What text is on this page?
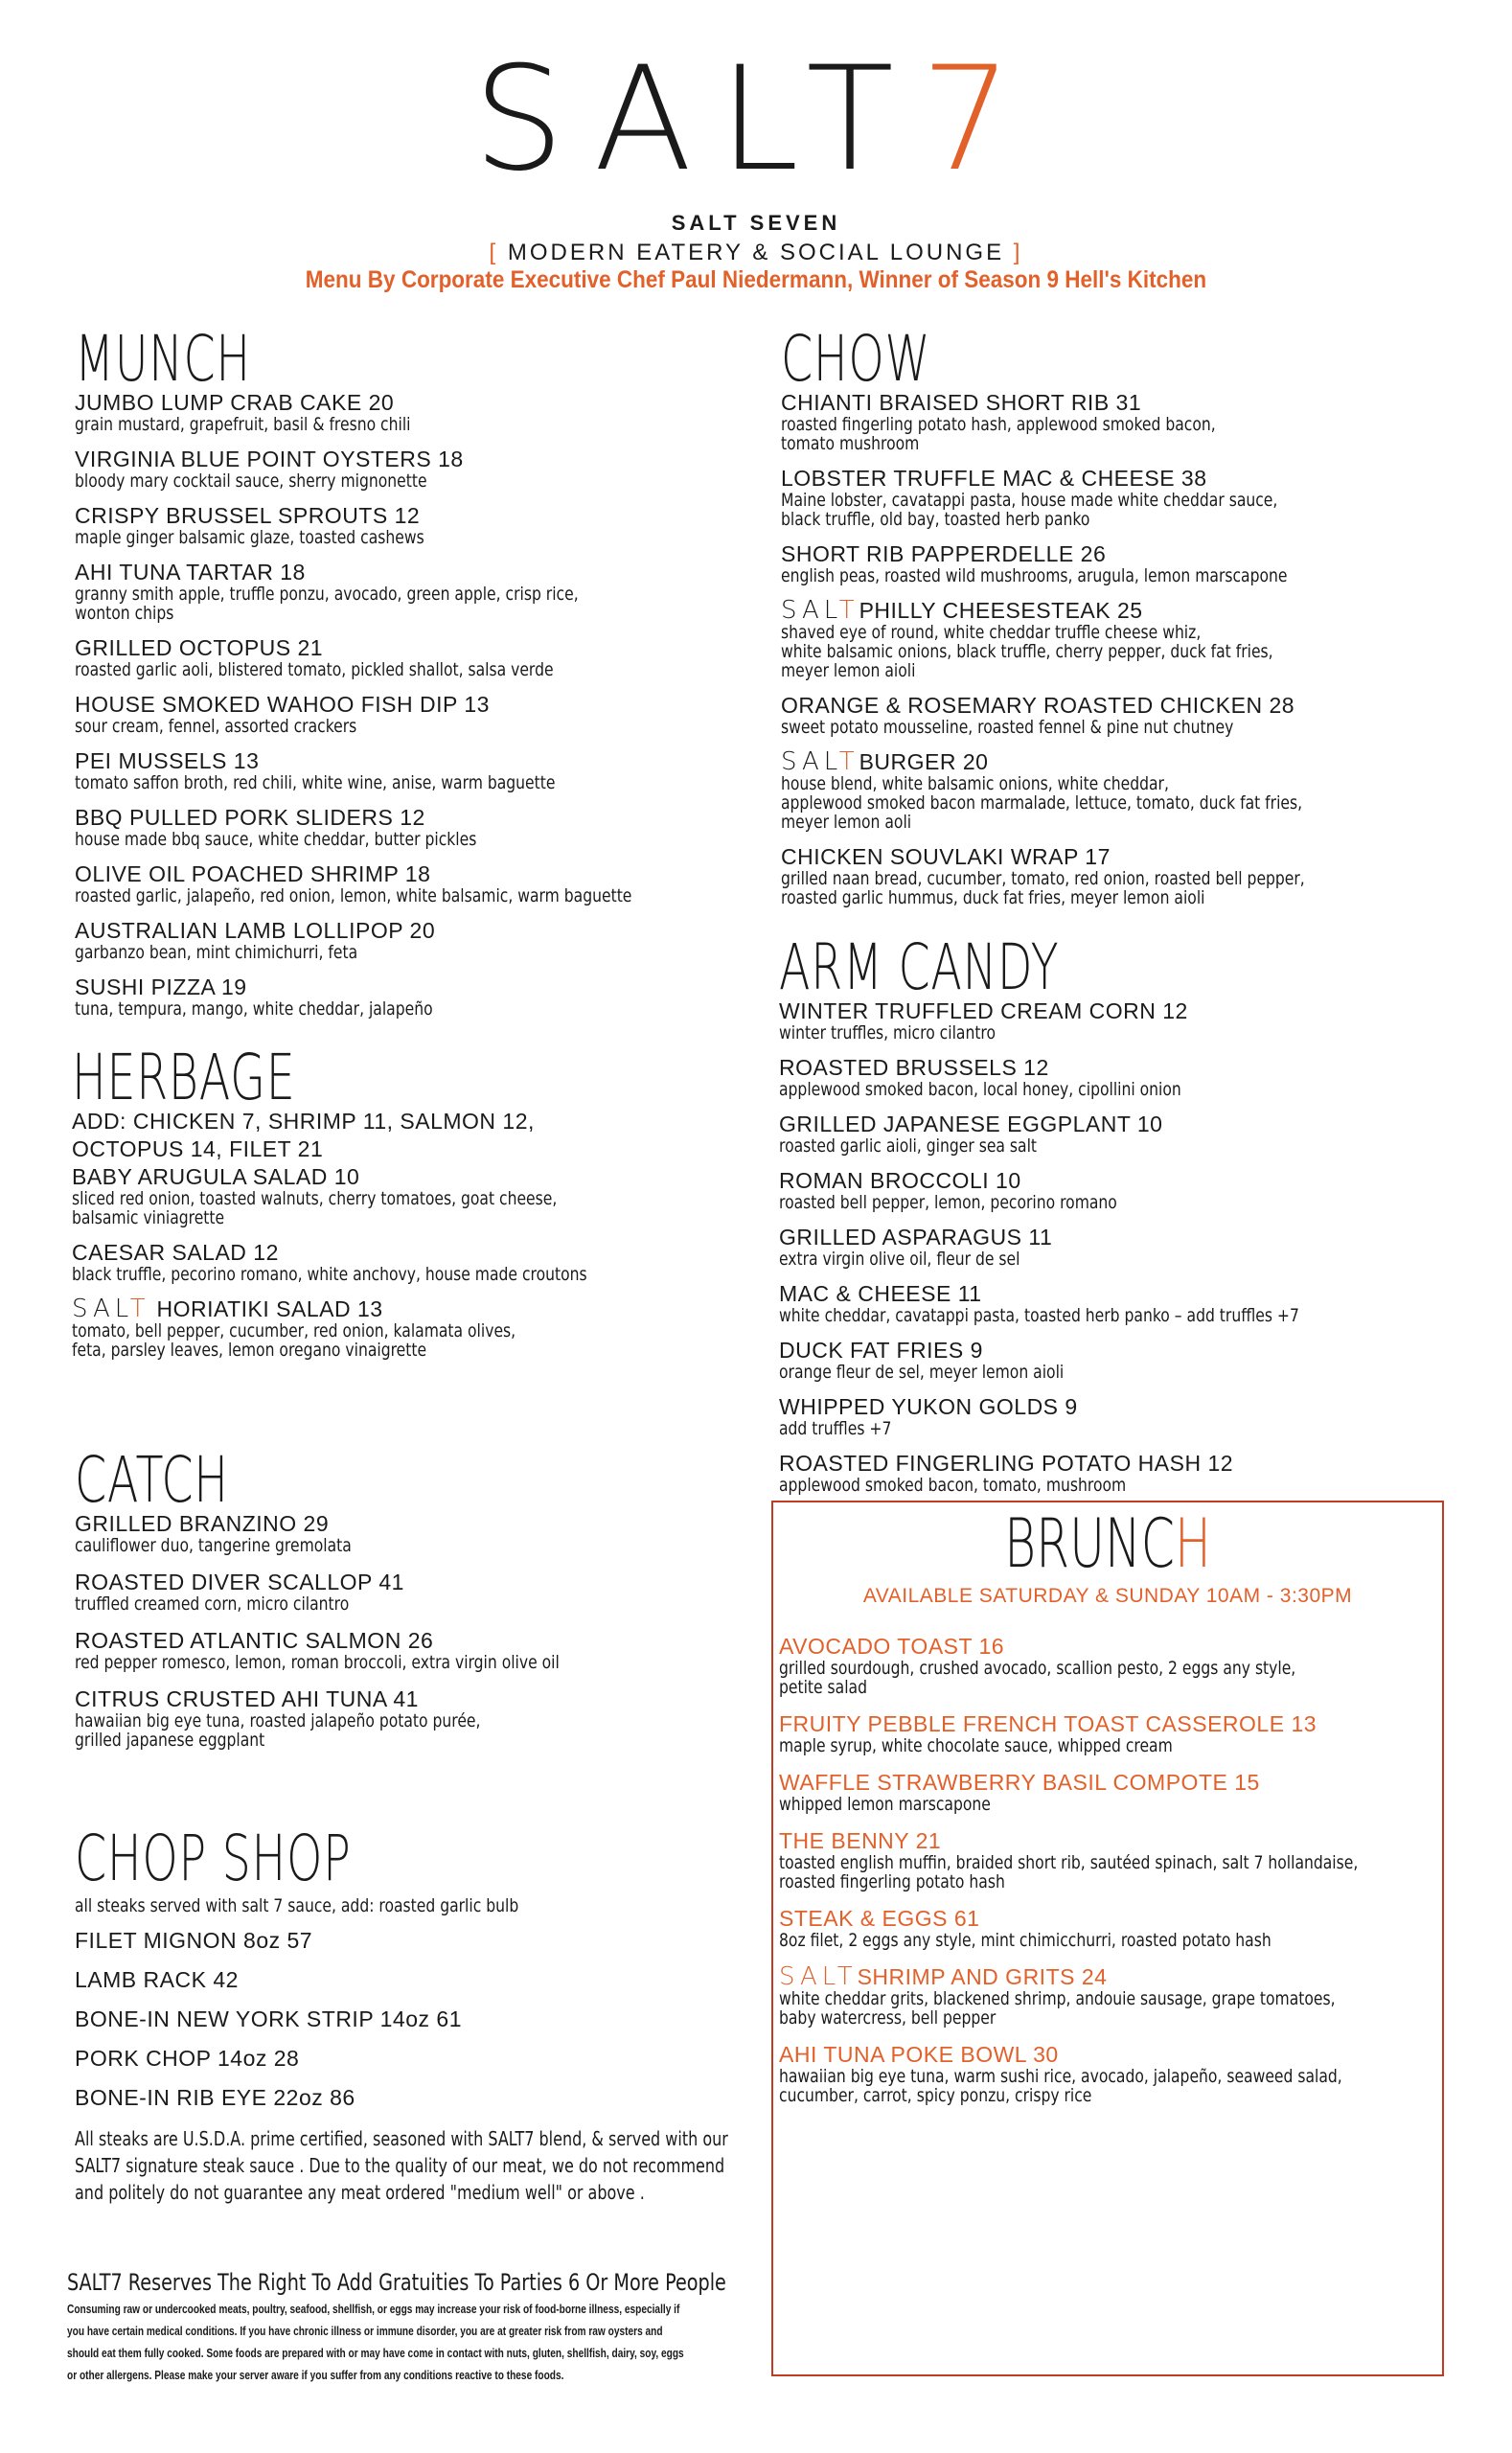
SALT7
SALT SEVEN
[ MODERN EATERY & SOCIAL LOUNGE ]
Menu By Corporate Executive Chef Paul Niedermann, Winner of Season 9 Hell's Kitchen
MUNCH
JUMBO LUMP CRAB CAKE 20
grain mustard, grapefruit, basil & fresno chili
VIRGINIA BLUE POINT OYSTERS 18
bloody mary cocktail sauce, sherry mignonette
CRISPY BRUSSEL SPROUTS 12
maple ginger balsamic glaze, toasted cashews
AHI TUNA TARTAR 18
granny smith apple, truffle ponzu, avocado, green apple, crisp rice,
wonton chips
GRILLED OCTOPUS 21
roasted garlic aoli, blistered tomato, pickled shallot, salsa verde
HOUSE SMOKED WAHOO FISH DIP 13
sour cream, fennel, assorted crackers
PEI MUSSELS 13
tomato saffon broth, red chili, white wine, anise, warm baguette
BBQ PULLED PORK SLIDERS 12
house made bbq sauce, white cheddar, butter pickles
OLIVE OIL POACHED SHRIMP 18
roasted garlic, jalapeño, red onion, lemon, white balsamic, warm baguette
AUSTRALIAN LAMB LOLLIPOP 20
garbanzo bean, mint chimichurri, feta
SUSHI PIZZA 19
tuna, tempura, mango, white cheddar, jalapeño
HERBAGE
ADD: CHICKEN 7, SHRIMP 11, SALMON 12,
OCTOPUS 14, FILET 21
BABY ARUGULA SALAD 10
sliced red onion, toasted walnuts, cherry tomatoes, goat cheese,
balsamic viniagrette
CAESAR SALAD 12
black truffle, pecorino romano, white anchovy, house made croutons
SALT HORIATIKI SALAD 13
tomato, bell pepper, cucumber, red onion, kalamata olives,
feta, parsley leaves, lemon oregano vinaigrette
CATCH
GRILLED BRANZINO 29
cauliflower duo, tangerine gremolata
ROASTED DIVER SCALLOP 41
truffled creamed corn, micro cilantro
ROASTED ATLANTIC SALMON 26
red pepper romesco, lemon, roman broccoli, extra virgin olive oil
CITRUS CRUSTED AHI TUNA 41
hawaiian big eye tuna, roasted jalapeño potato purée,
grilled japanese eggplant
CHOP SHOP
all steaks served with salt 7 sauce, add: roasted garlic bulb
FILET MIGNON 8oz 57
LAMB RACK 42
BONE-IN NEW YORK STRIP 14oz 61
PORK CHOP 14oz 28
BONE-IN RIB EYE 22oz 86
All steaks are U.S.D.A. prime certified, seasoned with SALT7 blend, & served with our
SALT7 signature steak sauce . Due to the quality of our meat, we do not recommend
and politely do not guarantee any meat ordered "medium well" or above .
SALT7 Reserves The Right To Add Gratuities To Parties 6 Or More People
Consuming raw or undercooked meats, poultry, seafood, shellfish, or eggs may increase your risk of food-borne illness, especially if
you have certain medical conditions. If you have chronic illness or immune disorder, you are at greater risk from raw oysters and
should eat them fully cooked. Some foods are prepared with or may have come in contact with nuts, gluten, shellfish, dairy, soy, eggs
or other allergens. Please make your server aware if you suffer from any conditions reactive to these foods.
CHOW
CHIANTI BRAISED SHORT RIB 31
roasted fingerling potato hash, applewood smoked bacon,
tomato mushroom
LOBSTER TRUFFLE MAC & CHEESE 38
Maine lobster, cavatappi pasta, house made white cheddar sauce,
black truffle, old bay, toasted herb panko
SHORT RIB PAPPERDELLE 26
english peas, roasted wild mushrooms, arugula, lemon marscapone
SALTPHILLY CHEESESTEAK 25
shaved eye of round, white cheddar truffle cheese whiz,
white balsamic onions, black truffle, cherry pepper, duck fat fries,
meyer lemon aioli
ORANGE & ROSEMARY ROASTED CHICKEN 28
sweet potato mousseline, roasted fennel & pine nut chutney
SALTBURGER 20
house blend, white balsamic onions, white cheddar,
applewood smoked bacon marmalade, lettuce, tomato, duck fat fries,
meyer lemon aoli
CHICKEN SOUVLAKI WRAP 17
grilled naan bread, cucumber, tomato, red onion, roasted bell pepper,
roasted garlic hummus, duck fat fries, meyer lemon aioli
ARM CANDY
WINTER TRUFFLED CREAM CORN 12
winter truffles, micro cilantro
ROASTED BRUSSELS 12
applewood smoked bacon, local honey, cipollini onion
GRILLED JAPANESE EGGPLANT 10
roasted garlic aioli, ginger sea salt
ROMAN BROCCOLI 10
roasted bell pepper, lemon, pecorino romano
GRILLED ASPARAGUS 11
extra virgin olive oil, fleur de sel
MAC & CHEESE 11
white cheddar, cavatappi pasta, toasted herb panko – add truffles +7
DUCK FAT FRIES 9
orange fleur de sel, meyer lemon aioli
WHIPPED YUKON GOLDS 9
add truffles +7
ROASTED FINGERLING POTATO HASH 12
applewood smoked bacon, tomato, mushroom
BRUNCH
AVAILABLE SATURDAY & SUNDAY 10AM - 3:30PM
AVOCADO TOAST 16
grilled sourdough, crushed avocado, scallion pesto, 2 eggs any style,
petite salad
FRUITY PEBBLE FRENCH TOAST CASSEROLE 13
maple syrup, white chocolate sauce, whipped cream
WAFFLE STRAWBERRY BASIL COMPOTE 15
whipped lemon marscapone
THE BENNY 21
toasted english muffin, braided short rib, sautéed spinach, salt 7 hollandaise,
roasted fingerling potato hash
STEAK & EGGS 61
8oz filet, 2 eggs any style, mint chimicchurri, roasted potato hash
SALTSHRIMP AND GRITS 24
white cheddar grits, blackened shrimp, andouie sausage, grape tomatoes,
baby watercress, bell pepper
AHI TUNA POKE BOWL 30
hawaiian big eye tuna, warm sushi rice, avocado, jalapeño, seaweed salad,
cucumber, carrot, spicy ponzu, crispy rice
